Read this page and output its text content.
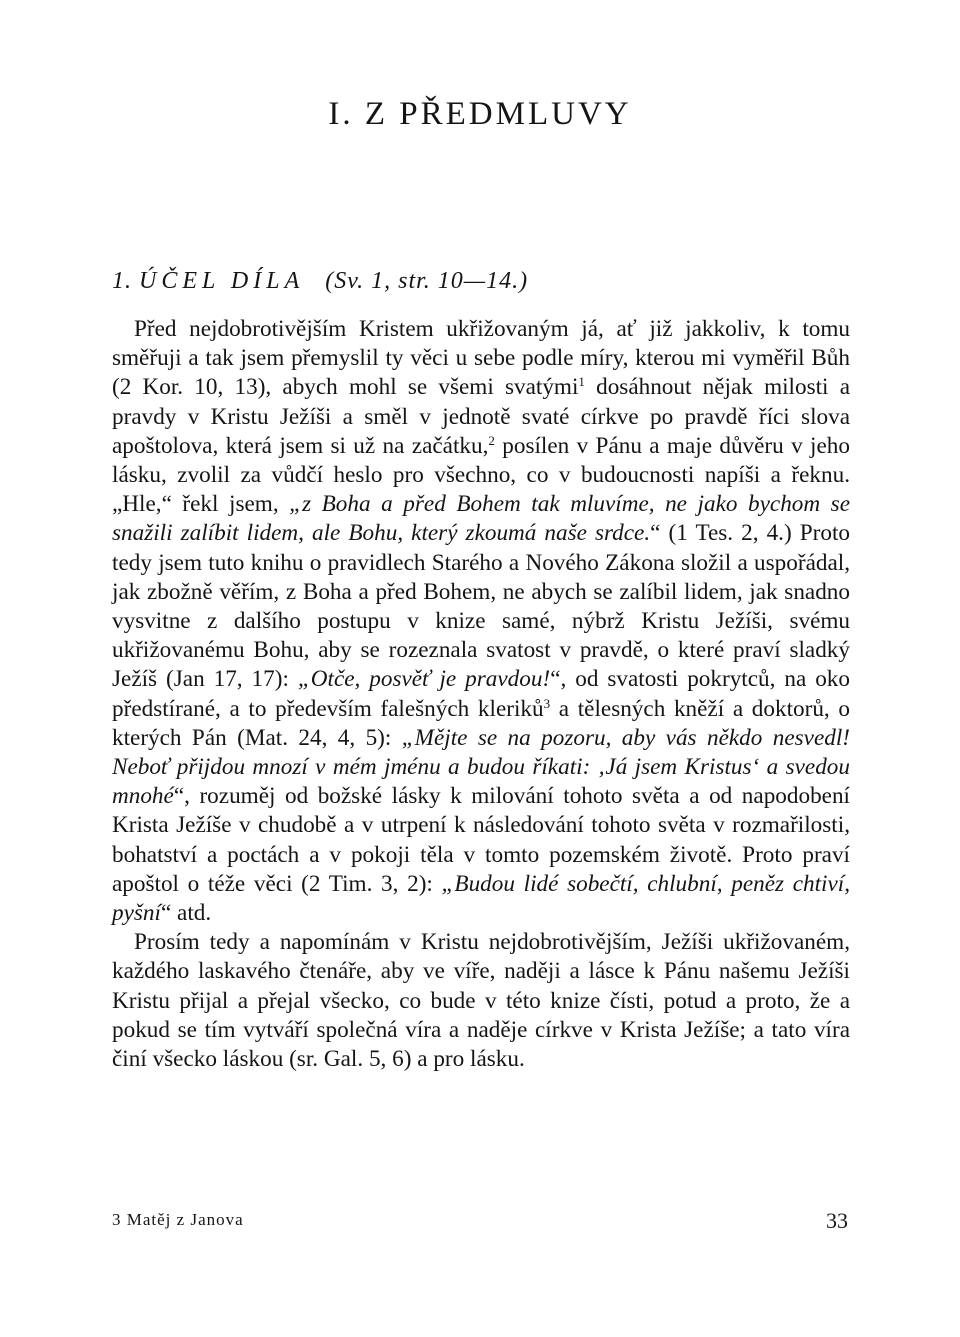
I. Z PŘEDMLUVY
1. ÚČEL DÍLA (Sv. 1, str. 10—14.)

Před nejdobrotivějším Kristem ukřižovaným já, ať již jakkoliv, k tomu směřuji a tak jsem přemyslil ty věci u sebe podle míry, kterou mi vyměřil Bůh (2 Kor. 10, 13), abych mohl se všemi svatými$^1$ dosáhnout nějak milosti a pravdy v Kristu Ježíši a směl v jednotě svaté církve po pravdě říci slova apoštolova, která jsem si už na začátku,$^2$ posílen v Pánu a maje důvěru v jeho lásku, zvolil za vůdčí heslo pro všechno, co v budoucnosti napíši a řeknu. „Hle,“ řekl jsem, „z Boha a před Bohem tak mluvíme, ne jako bychom se snažili zalíbit lidem, ale Bohu, který zkoumá naše srdce.“ (1 Tes. 2, 4.) Proto tedy jsem tuto knihu o pravidlech Starého a Nového Zákona složil a uspořádal, jak zbožně věřím, z Boha a před Bohem, ne abych se zalíbil lidem, jak snadno vysvitne z dalšího postupu v knize samé, nýbrž Kristu Ježíši, svému ukřižovanému Bohu, aby se rozeznala svatost v pravdě, o které praví sladký Ježíš (Jan 17, 17): „Otče, posvěť je pravdou!“, od svatosti pokrytců, na oko předstírané, a to především falešných kleriků$^3$ a tělesných kněží a doktorů, o kterých Pán (Mat. 24, 4, 5): „Mějte se na pozoru, aby vás někdo nesvedl! Neboť přijdou mnozí v mém jménu a budou říkati: ‚Já jsem Kristus‘ a svedou mnohé“, rozuměj od božské lásky k milování tohoto světa a od napodobení Krista Ježíše v chudobě a v utrpení k následování tohoto světa v rozmařilosti, bohatství a poctách a v pokoji těla v tomto pozemském životě. Proto praví apoštol o téže věci (2 Tim. 3, 2): „Budou lidé sobečtí, chlubní, peněz chtiví, pyšní“ atd.

Prosím tedy a napomínám v Kristu nejdobrotivějším, Ježíši ukřižovaném, každého laskavého čtenáře, aby ve víře, naději a lásce k Pánu našemu Ježíši Kristu přijal a přejal všecko, co bude v této knize čísti, potud a proto, že a pokud se tím vytváří společná víra a naděje církve v Krista Ježíše; a tato víra činí všecko láskou (sr. Gal. 5, 6) a pro lásku.

3 Matěj z Janova	33
